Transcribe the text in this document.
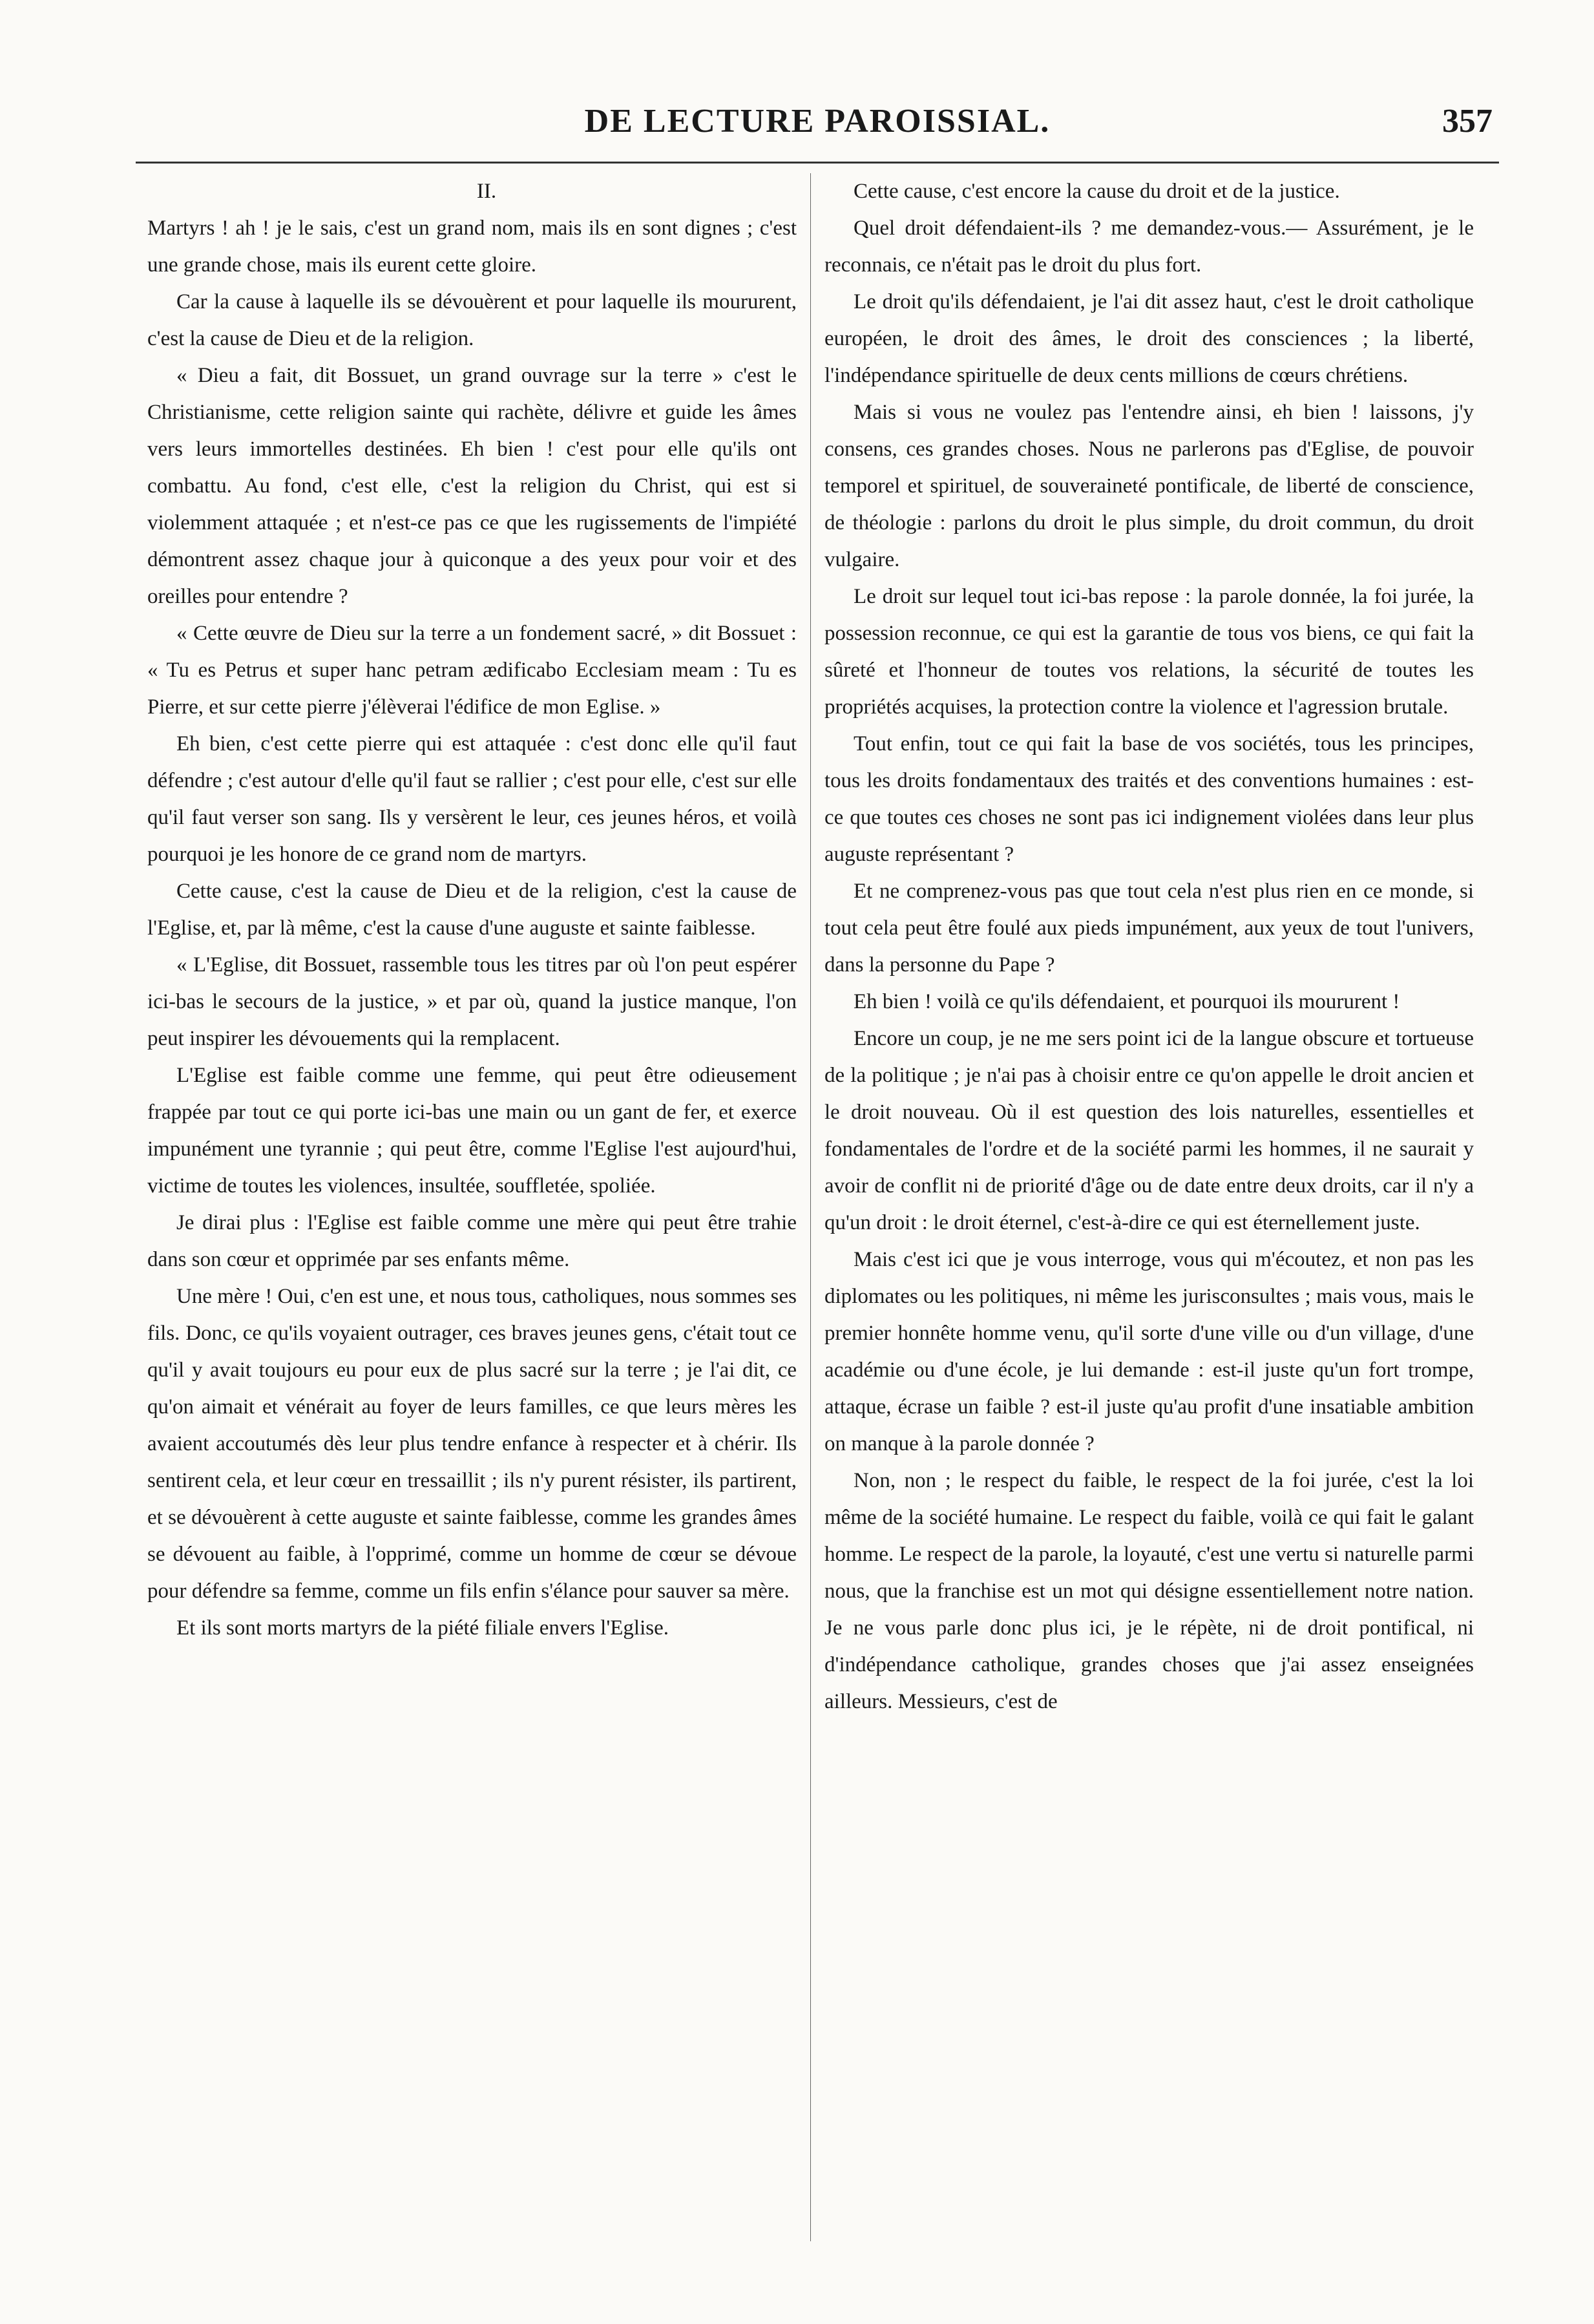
DE LECTURE PAROISSIAL.	357

II.

Martyrs ! ah ! je le sais, c'est un grand nom, mais ils en sont dignes ; c'est une grande chose, mais ils eurent cette gloire.

Car la cause à laquelle ils se dévouèrent et pour laquelle ils moururent, c'est la cause de Dieu et de la religion.

« Dieu a fait, dit Bossuet, un grand ouvrage sur la terre » c'est le Christianisme, cette religion sainte qui rachète, délivre et guide les âmes vers leurs immortelles destinées. Eh bien ! c'est pour elle qu'ils ont combattu. Au fond, c'est elle, c'est la religion du Christ, qui est si violemment attaquée ; et n'est-ce pas ce que les rugissements de l'impiété démontrent assez chaque jour à quiconque a des yeux pour voir et des oreilles pour entendre ?

« Cette œuvre de Dieu sur la terre a un fondement sacré, » dit Bossuet : « Tu es Petrus et super hanc petram ædificabo Ecclesiam meam : Tu es Pierre, et sur cette pierre j'élèverai l'édifice de mon Eglise. »

Eh bien, c'est cette pierre qui est attaquée : c'est donc elle qu'il faut défendre ; c'est autour d'elle qu'il faut se rallier ; c'est pour elle, c'est sur elle qu'il faut verser son sang. Ils y versèrent le leur, ces jeunes héros, et voilà pourquoi je les honore de ce grand nom de martyrs.

Cette cause, c'est la cause de Dieu et de la religion, c'est la cause de l'Eglise, et, par là même, c'est la cause d'une auguste et sainte faiblesse.

« L'Eglise, dit Bossuet, rassemble tous les titres par où l'on peut espérer ici-bas le secours de la justice, » et par où, quand la justice manque, l'on peut inspirer les dévouements qui la remplacent.

L'Eglise est faible comme une femme, qui peut être odieusement frappée par tout ce qui porte ici-bas une main ou un gant de fer, et exerce impunément une tyrannie ; qui peut être, comme l'Eglise l'est aujourd'hui, victime de toutes les violences, insultée, souffletée, spoliée.

Je dirai plus : l'Eglise est faible comme une mère qui peut être trahie dans son cœur et opprimée par ses enfants même.

Une mère ! Oui, c'en est une, et nous tous, catholiques, nous sommes ses fils. Donc, ce qu'ils voyaient outrager, ces braves jeunes gens, c'était tout ce qu'il y avait toujours eu pour eux de plus sacré sur la terre ; je l'ai dit, ce qu'on aimait et vénérait au foyer de leurs familles, ce que leurs mères les avaient accoutumés dès leur plus tendre enfance à respecter et à chérir. Ils sentirent cela, et leur cœur en tressaillit ; ils n'y purent résister, ils partirent, et se dévouèrent à cette auguste et sainte faiblesse, comme les grandes âmes se dévouent au faible, à l'opprimé, comme un homme de cœur se dévoue pour défendre sa femme, comme un fils enfin s'élance pour sauver sa mère.

Et ils sont morts martyrs de la piété filiale envers l'Eglise.

Cette cause, c'est encore la cause du droit et de la justice.

Quel droit défendaient-ils ? me demandez-vous.— Assurément, je le reconnais, ce n'était pas le droit du plus fort.

Le droit qu'ils défendaient, je l'ai dit assez haut, c'est le droit catholique européen, le droit des âmes, le droit des consciences ; la liberté, l'indépendance spirituelle de deux cents millions de cœurs chrétiens.

Mais si vous ne voulez pas l'entendre ainsi, eh bien ! laissons, j'y consens, ces grandes choses. Nous ne parlerons pas d'Eglise, de pouvoir temporel et spirituel, de souveraineté pontificale, de liberté de conscience, de théologie : parlons du droit le plus simple, du droit commun, du droit vulgaire.

Le droit sur lequel tout ici-bas repose : la parole donnée, la foi jurée, la possession reconnue, ce qui est la garantie de tous vos biens, ce qui fait la sûreté et l'honneur de toutes vos relations, la sécurité de toutes les propriétés acquises, la protection contre la violence et l'agression brutale.

Tout enfin, tout ce qui fait la base de vos sociétés, tous les principes, tous les droits fondamentaux des traités et des conventions humaines : est-ce que toutes ces choses ne sont pas ici indignement violées dans leur plus auguste représentant ?

Et ne comprenez-vous pas que tout cela n'est plus rien en ce monde, si tout cela peut être foulé aux pieds impunément, aux yeux de tout l'univers, dans la personne du Pape ?

Eh bien ! voilà ce qu'ils défendaient, et pourquoi ils moururent !

Encore un coup, je ne me sers point ici de la langue obscure et tortueuse de la politique ; je n'ai pas à choisir entre ce qu'on appelle le droit ancien et le droit nouveau. Où il est question des lois naturelles, essentielles et fondamentales de l'ordre et de la société parmi les hommes, il ne saurait y avoir de conflit ni de priorité d'âge ou de date entre deux droits, car il n'y a qu'un droit : le droit éternel, c'est-à-dire ce qui est éternellement juste.

Mais c'est ici que je vous interroge, vous qui m'écoutez, et non pas les diplomates ou les politiques, ni même les jurisconsultes ; mais vous, mais le premier honnête homme venu, qu'il sorte d'une ville ou d'un village, d'une académie ou d'une école, je lui demande : est-il juste qu'un fort trompe, attaque, écrase un faible ? est-il juste qu'au profit d'une insatiable ambition on manque à la parole donnée ?

Non, non ; le respect du faible, le respect de la foi jurée, c'est la loi même de la société humaine. Le respect du faible, voilà ce qui fait le galant homme. Le respect de la parole, la loyauté, c'est une vertu si naturelle parmi nous, que la franchise est un mot qui désigne essentiellement notre nation. Je ne vous parle donc plus ici, je le répète, ni de droit pontifical, ni d'indépendance catholique, grandes choses que j'ai assez enseignées ailleurs. Messieurs, c'est de
